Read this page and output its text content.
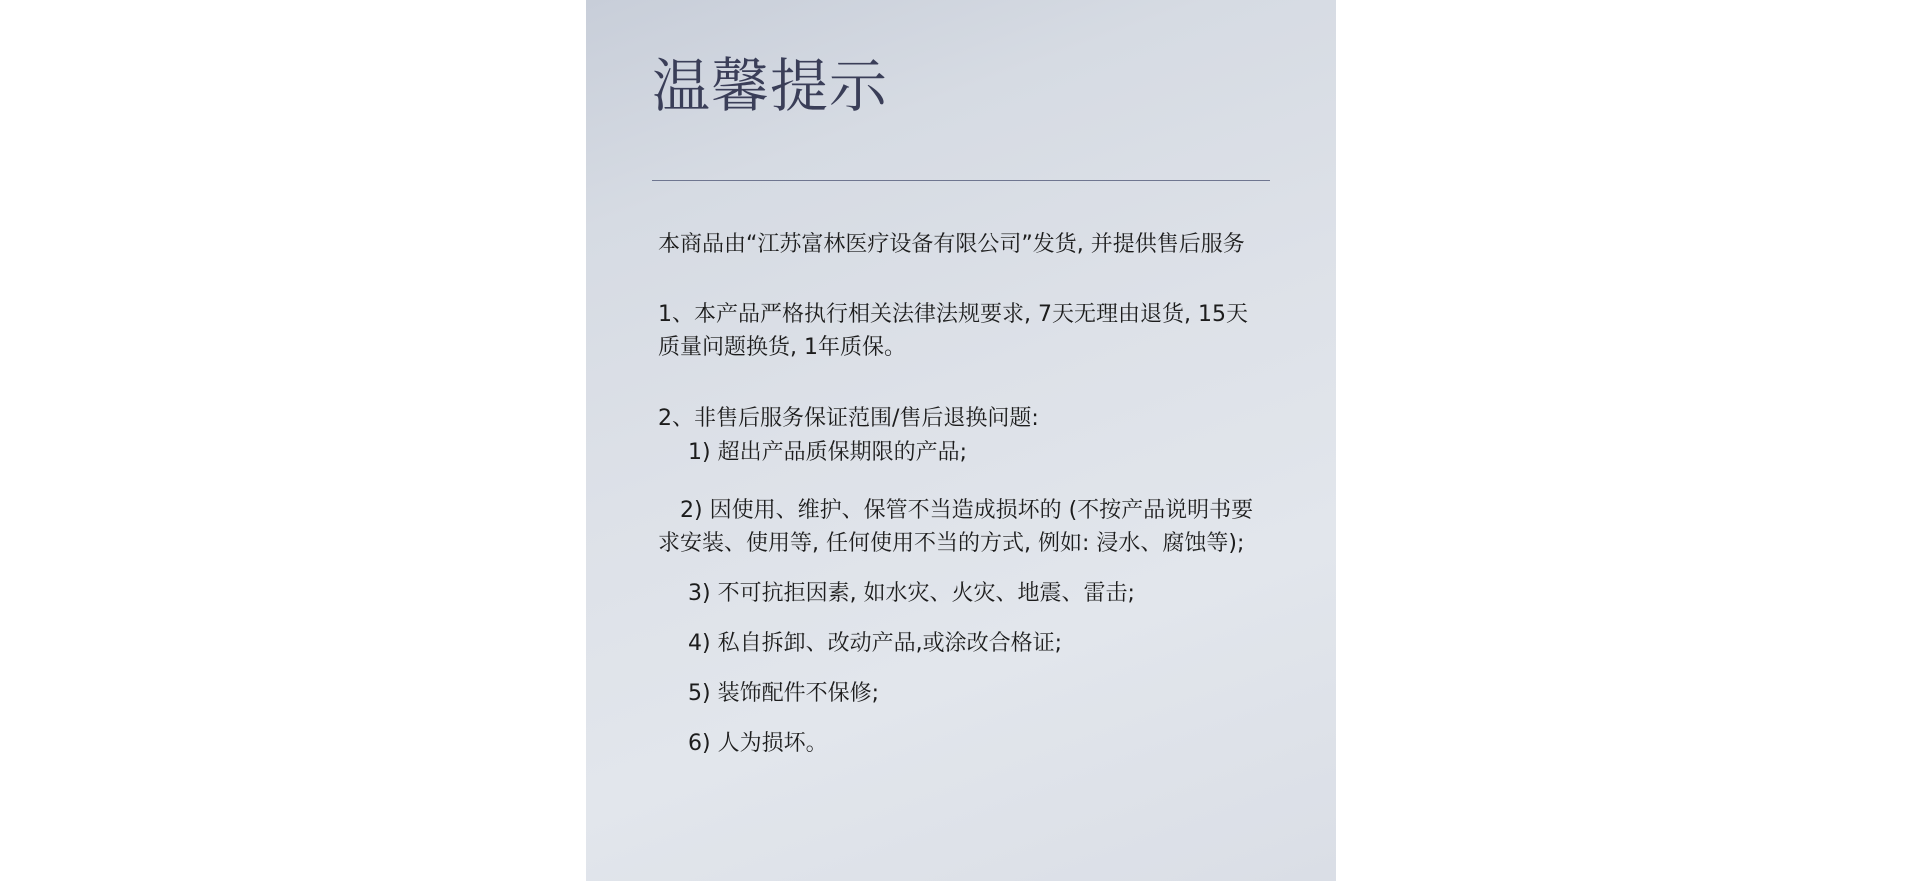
温馨提示

本商品由“江苏富林医疗设备有限公司”发货, 并提供售后服务

1、本产品严格执行相关法律法规要求, 7天无理由退货, 15天

质量问题换货, 1年质保。

2、非售后服务保证范围/售后退换问题:

1) 超出产品质保期限的产品;

2) 因使用、维护、保管不当造成损坏的 (不按产品说明书要

求安装、使用等, 任何使用不当的方式, 例如: 浸水、腐蚀等);

3) 不可抗拒因素, 如水灾、火灾、地震、雷击;

4) 私自拆卸、改动产品,或涂改合格证;

5) 装饰配件不保修;

6) 人为损坏。
